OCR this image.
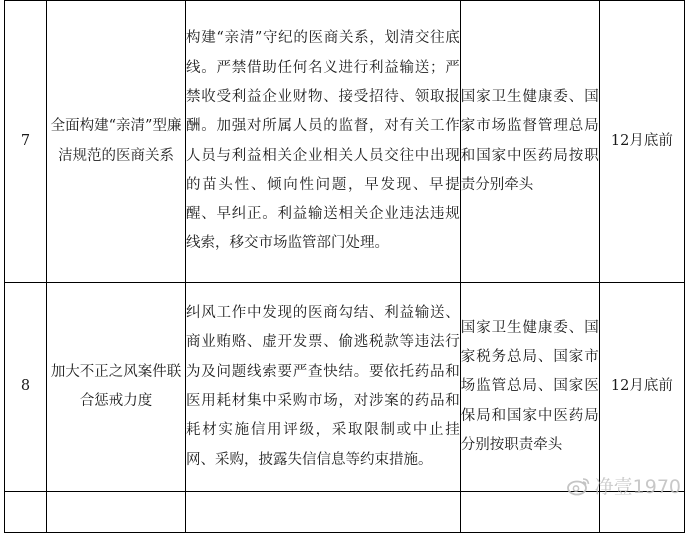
7	全面构建“亲清”型廉洁规范的医商关系	构建“亲清”守纪的医商关系，划清交往底线。严禁借助任何名义进行利益输送；严禁收受利益企业财物、接受招待、领取报酬。加强对所属人员的监督，对有关工作人员与利益相关企业相关人员交往中出现的苗头性、倾向性问题，早发现、早提醒、早纠正。利益输送相关企业违法违规线索，移交市场监管部门处理。	国家卫生健康委、国家市场监督管理总局和国家中医药局按职责分别牵头	12月底前
8	加大不正之风案件联合惩戒力度	纠风工作中发现的医商勾结、利益输送、商业贿赂、虚开发票、偷逃税款等违法行为及问题线索要严查快结。要依托药品和医用耗材集中采购市场，对涉案的药品和耗材实施信用评级，采取限制或中止挂网、采购，披露失信信息等约束措施。	国家卫生健康委、国家税务总局、国家市场监管总局、国家医保局和国家中医药局分别按职责牵头	12月底前

净壹1970
